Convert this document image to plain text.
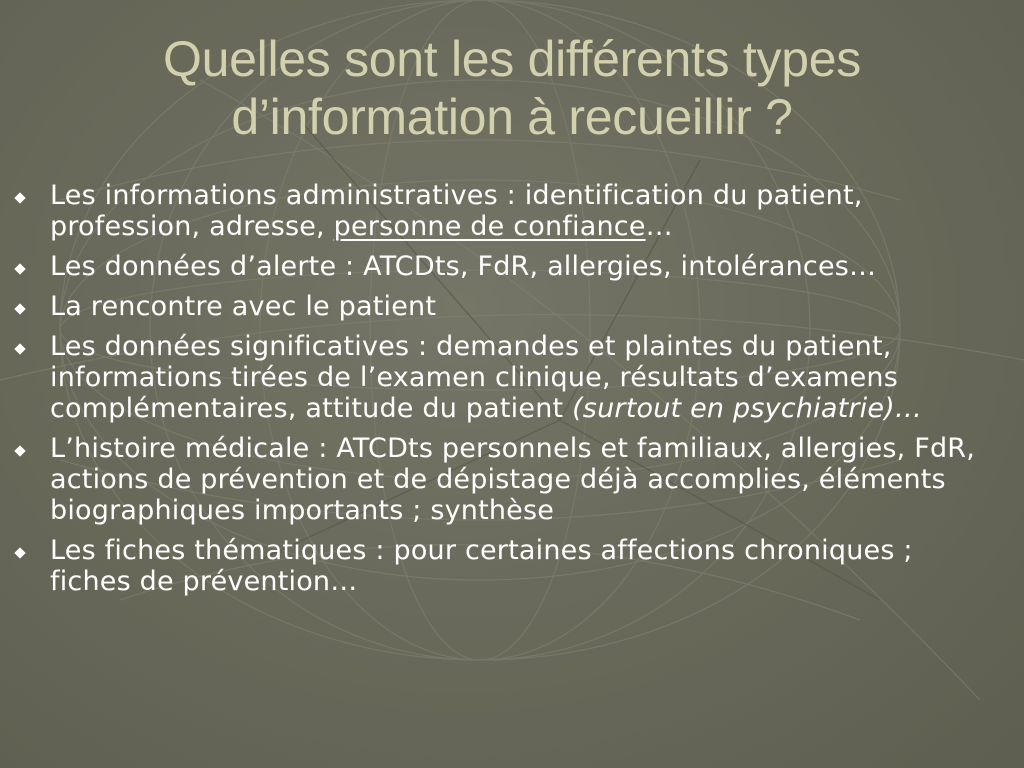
Quelles sont les différents types
d’information à recueillir ?
Les informations administratives : identification du patient, profession, adresse, personne de confiance…
Les données d’alerte : ATCDts, FdR, allergies, intolérances…
La rencontre avec le patient
Les données significatives : demandes et plaintes du patient, informations tirées de l’examen clinique, résultats d’examens complémentaires, attitude du patient (surtout en psychiatrie)…
L’histoire médicale : ATCDts personnels et familiaux, allergies, FdR, actions de prévention et de dépistage déjà accomplies, éléments biographiques importants ; synthèse
Les fiches thématiques : pour certaines affections chroniques ; fiches de prévention…
